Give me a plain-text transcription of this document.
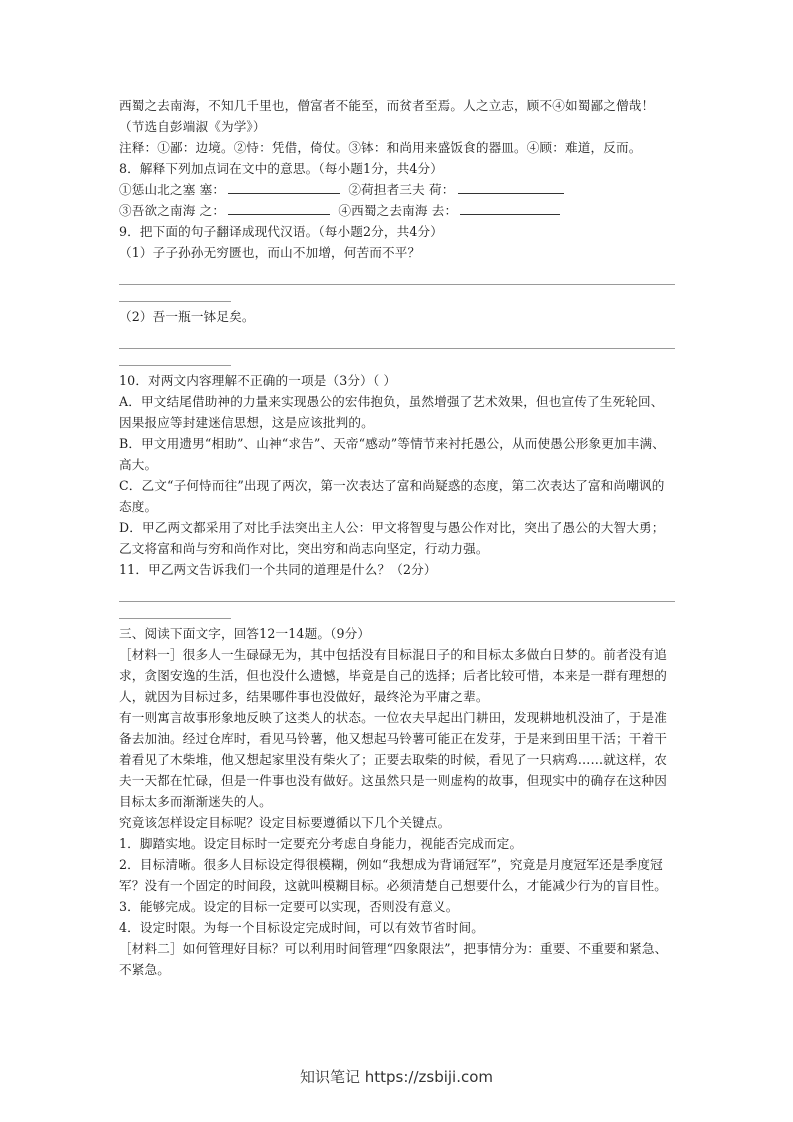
西蜀之去南海，不知几千里也，僧富者不能至，而贫者至焉。人之立志，顾不④如蜀鄙之僧哉！
（节选自彭端淑《为学》）
注释：①鄙：边境。②恃：凭借，倚仗。③钵：和尚用来盛饭食的器皿。④顾：难道，反而。
8．解释下列加点词在文中的意思。（每小题1分，共4分）
①惩山北之塞 塞：	②荷担者三夫 荷：
③吾欲之南海 之：	④西蜀之去南海 去：
9．把下面的句子翻译成现代汉语。（每小题2分，共4分）
（1）子子孙孙无穷匮也，而山不加增，何苦而不平？
（2）吾一瓶一钵足矣。
10．对两文内容理解不正确的一项是（3分）（ ）
A．甲文结尾借助神的力量来实现愚公的宏伟抱负，虽然增强了艺术效果，但也宣传了生死轮回、因果报应等封建迷信思想，这是应该批判的。
B．甲文用遗男“相助”、山神“求告”、天帝“感动”等情节来衬托愚公，从而使愚公形象更加丰满、高大。
C．乙文“子何恃而往”出现了两次，第一次表达了富和尚疑惑的态度，第二次表达了富和尚嘲讽的态度。
D．甲乙两文都采用了对比手法突出主人公：甲文将智叟与愚公作对比，突出了愚公的大智大勇；乙文将富和尚与穷和尚作对比，突出穷和尚志向坚定，行动力强。
11．甲乙两文告诉我们一个共同的道理是什么？（2分）
三、阅读下面文字，回答12一14题。（9分）
［材料一］很多人一生碌碌无为，其中包括没有目标混日子的和目标太多做白日梦的。前者没有追求，贪图安逸的生活，但也没什么遗憾，毕竟是自己的选择；后者比较可惜，本来是一群有理想的人，就因为目标过多，结果哪件事也没做好，最终沦为平庸之辈。
有一则寓言故事形象地反映了这类人的状态。一位农夫早起出门耕田，发现耕地机没油了，于是准备去加油。经过仓库时，看见马铃薯，他又想起马铃薯可能正在发芽，于是来到田里干活；干着干着看见了木柴堆，他又想起家里没有柴火了；正要去取柴的时候，看见了一只病鸡……就这样，农夫一天都在忙碌，但是一件事也没有做好。这虽然只是一则虚构的故事，但现实中的确存在这种因目标太多而渐渐迷失的人。
究竟该怎样设定目标呢？设定目标要遵循以下几个关键点。
1．脚踏实地。设定目标时一定要充分考虑自身能力，视能否完成而定。
2．目标清晰。很多人目标设定得很模糊，例如“我想成为背诵冠军”，究竟是月度冠军还是季度冠军？没有一个固定的时间段，这就叫模糊目标。必须清楚自己想要什么，才能减少行为的盲目性。
3．能够完成。设定的目标一定要可以实现，否则没有意义。
4．设定时限。为每一个目标设定完成时间，可以有效节省时间。
［材料二］如何管理好目标？可以利用时间管理“四象限法”，把事情分为：重要、不重要和紧急、不紧急。
知识笔记 https://zsbiji.com
